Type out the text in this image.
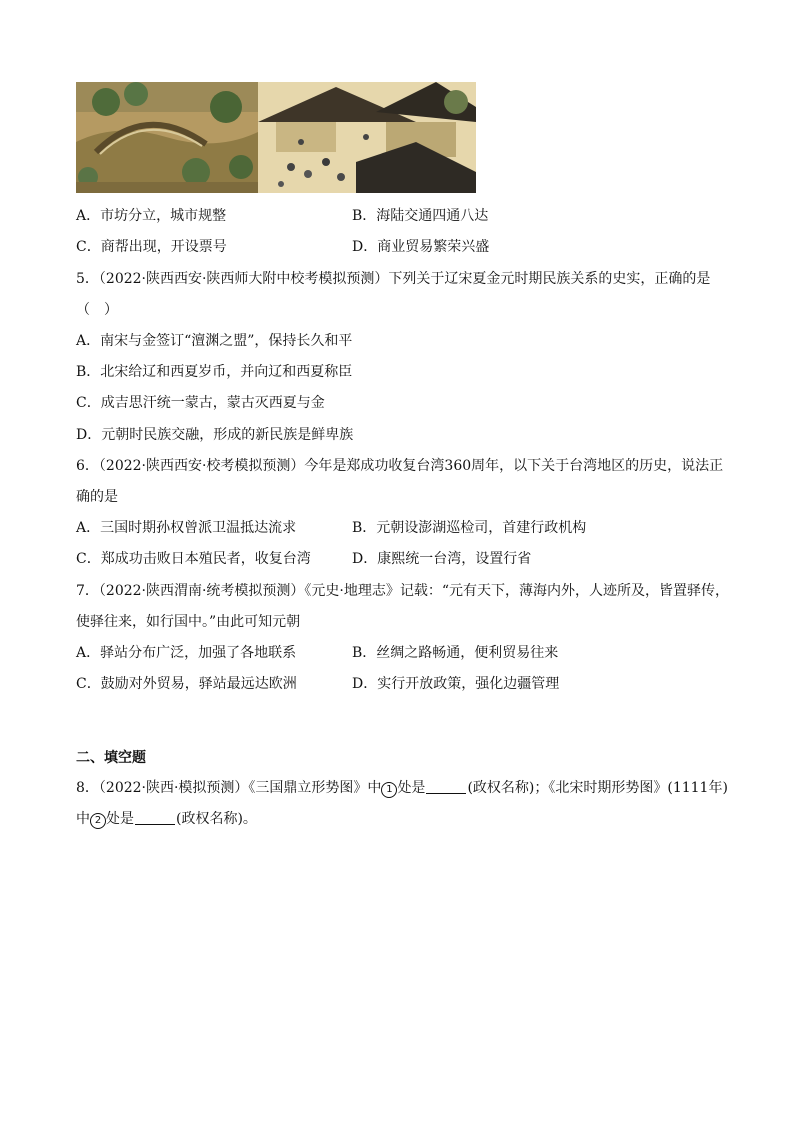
A．市坊分立，城市规整	B．海陆交通四通八达
C．商帮出现，开设票号	D．商业贸易繁荣兴盛
5．（2022·陕西西安·陕西师大附中校考模拟预测）下列关于辽宋夏金元时期民族关系的史实，正确的是
（　）
A．南宋与金签订“澶渊之盟”，保持长久和平
B．北宋给辽和西夏岁币，并向辽和西夏称臣
C．成吉思汗统一蒙古，蒙古灭西夏与金
D．元朝时民族交融，形成的新民族是鲜卑族
6．（2022·陕西西安·校考模拟预测）今年是郑成功收复台湾360周年，以下关于台湾地区的历史，说法正
确的是
A．三国时期孙权曾派卫温抵达流求	B．元朝设澎湖巡检司，首建行政机构
C．郑成功击败日本殖民者，收复台湾	D．康熙统一台湾，设置行省
7．（2022·陕西渭南·统考模拟预测）《元史·地理志》记载：“元有天下，薄海内外，人迹所及，皆置驿传，
使驿往来，如行国中。”由此可知元朝
A．驿站分布广泛，加强了各地联系	B．丝绸之路畅通，便利贸易往来
C．鼓励对外贸易，驿站最远达欧洲	D．实行开放政策，强化边疆管理
二、填空题
8．（2022·陕西·模拟预测）《三国鼎立形势图》中 1 处是	(政权名称)；《北宋时期形势图》(1111年)
中 2 处是	(政权名称)。
